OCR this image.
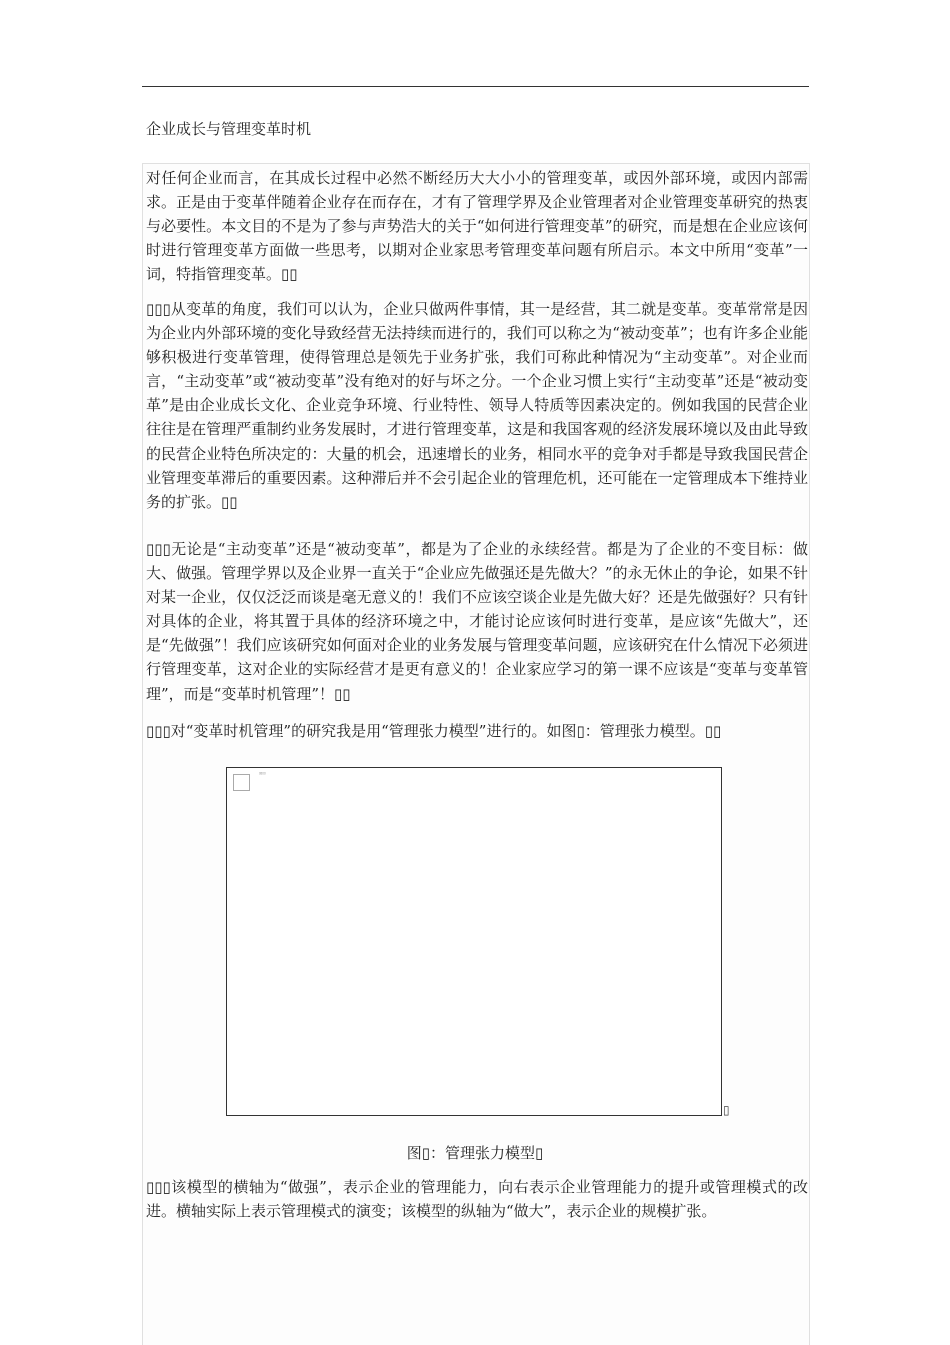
企业成长与管理变革时机

对任何企业而言，在其成长过程中必然不断经历大大小小的管理变革，或因外部环境，或因内部需求。正是由于变革伴随着企业存在而存在，才有了管理学界及企业管理者对企业管理变革研究的热衷与必要性。本文目的不是为了参与声势浩大的关于“如何进行管理变革”的研究，而是想在企业应该何时进行管理变革方面做一些思考，以期对企业家思考管理变革问题有所启示。本文中所用“变革”一词，特指管理变革。▯▯

▯▯▯从变革的角度，我们可以认为，企业只做两件事情，其一是经营，其二就是变革。变革常常是因为企业内外部环境的变化导致经营无法持续而进行的，我们可以称之为“被动变革”；也有许多企业能够积极进行变革管理，使得管理总是领先于业务扩张，我们可称此种情况为“主动变革”。对企业而言，“主动变革”或“被动变革”没有绝对的好与坏之分。一个企业习惯上实行“主动变革”还是“被动变革”是由企业成长文化、企业竞争环境、行业特性、领导人特质等因素决定的。例如我国的民营企业往往是在管理严重制约业务发展时，才进行管理变革，这是和我国客观的经济发展环境以及由此导致的民营企业特色所决定的：大量的机会，迅速增长的业务，相同水平的竞争对手都是导致我国民营企业管理变革滞后的重要因素。这种滞后并不会引起企业的管理危机，还可能在一定管理成本下维持业务的扩张。▯▯

▯▯▯无论是“主动变革”还是“被动变革”，都是为了企业的永续经营。都是为了企业的不变目标：做大、做强。管理学界以及企业界一直关于“企业应先做强还是先做大？”的永无休止的争论，如果不针对某一企业，仅仅泛泛而谈是毫无意义的！我们不应该空谈企业是先做大好？还是先做强好？只有针对具体的企业，将其置于具体的经济环境之中，才能讨论应该何时进行变革，是应该“先做大”，还是“先做强”！我们应该研究如何面对企业的业务发展与管理变革问题，应该研究在什么情况下必须进行管理变革，这对企业的实际经营才是更有意义的！企业家应学习的第一课不应该是“变革与变革管理”，而是“变革时机管理”！▯▯

▯▯▯对“变革时机管理”的研究我是用“管理张力模型”进行的。如图▯：管理张力模型。▯▯

▯▯▯▯
▯
图▯：管理张力模型▯

▯▯▯该模型的横轴为“做强”，表示企业的管理能力，向右表示企业管理能力的提升或管理模式的改进。横轴实际上表示管理模式的演变；该模型的纵轴为“做大”，表示企业的规模扩张。
